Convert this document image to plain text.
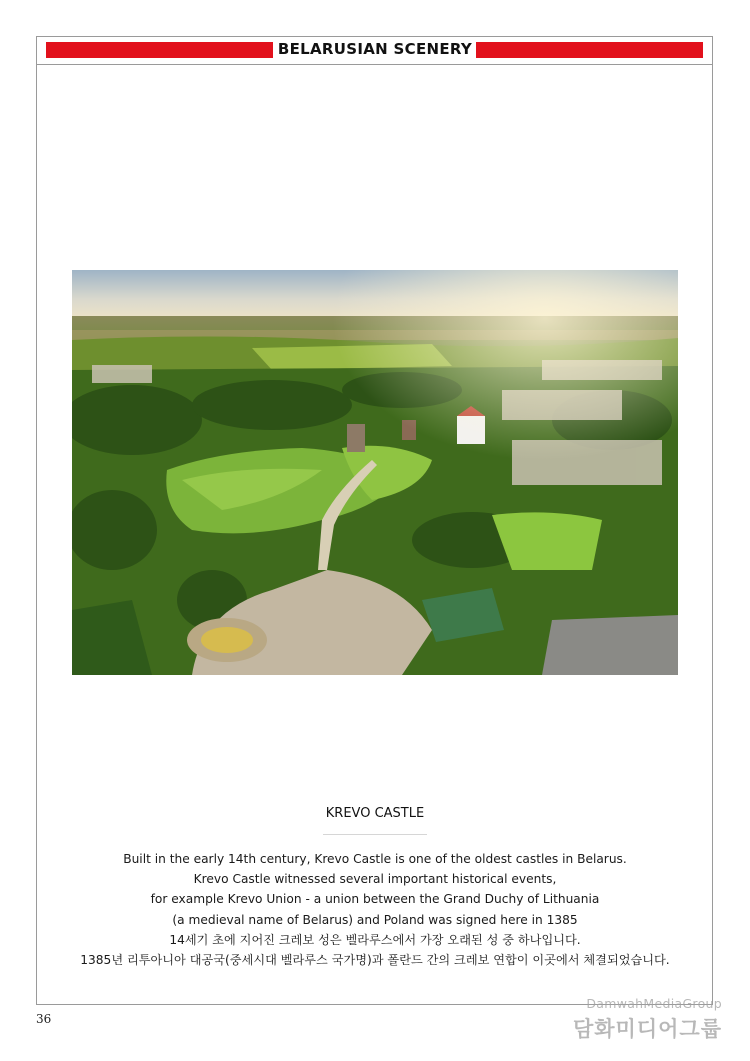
BELARUSIAN SCENERY
KREVO CASTLE
Built in the early 14th century, Krevo Castle is one of the oldest castles in Belarus.
Krevo Castle witnessed several important historical events,
for example Krevo Union - a union between the Grand Duchy of Lithuania
(a medieval name of Belarus) and Poland was signed here in 1385
14세기 초에 지어진 크레보 성은 벨라루스에서 가장 오래된 성 중 하나입니다.
1385년 리투아니아 대공국(중세시대 벨라루스 국가명)과 폴란드 간의 크레보 연합이 이곳에서 체결되었습니다.
36
DamwahMediaGroup
담화미디어그룹
